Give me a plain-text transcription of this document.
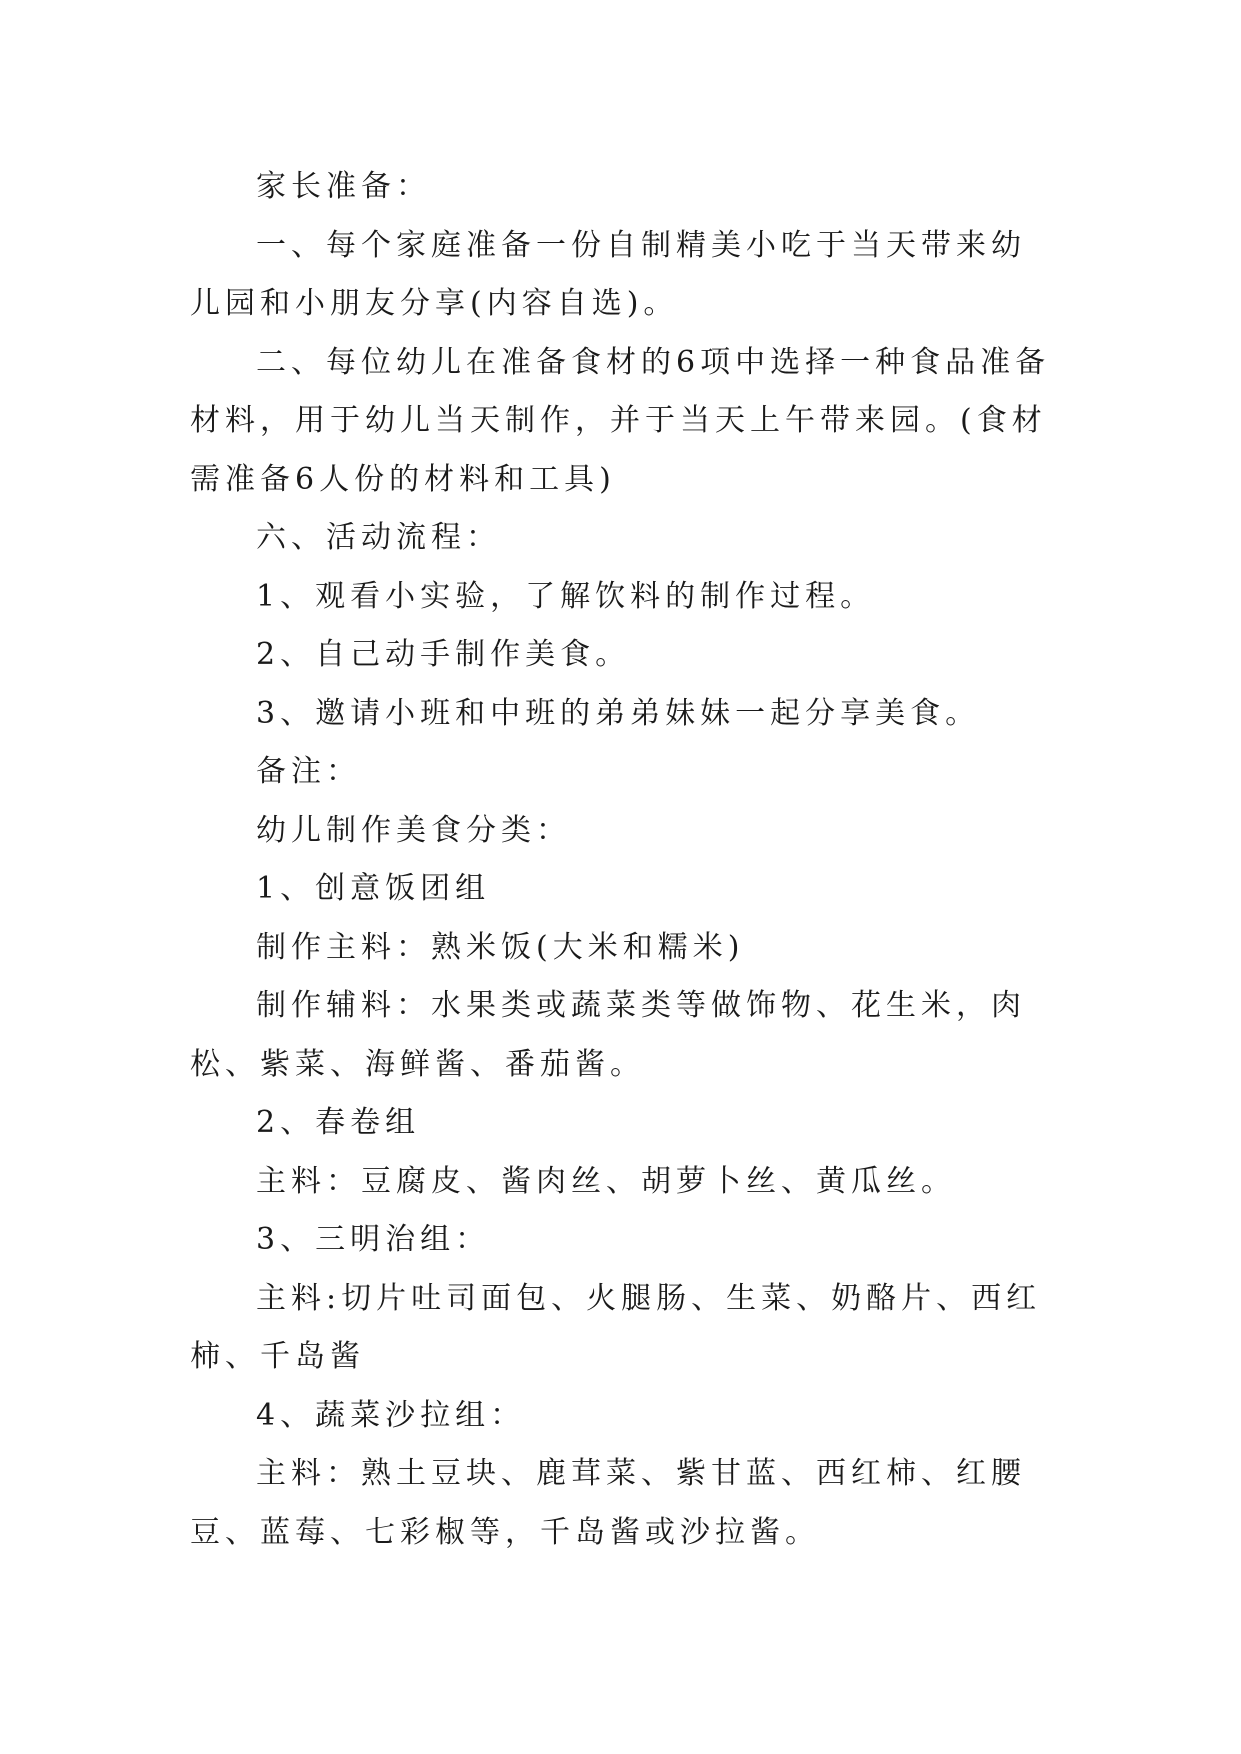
家长准备：

一、每个家庭准备一份自制精美小吃于当天带来幼儿园和小朋友分享(内容自选)。

二、每位幼儿在准备食材的6项中选择一种食品准备材料，用于幼儿当天制作，并于当天上午带来园。(食材需准备6人份的材料和工具)

六、活动流程：

1、观看小实验，了解饮料的制作过程。

2、自己动手制作美食。

3、邀请小班和中班的弟弟妹妹一起分享美食。

备注：

幼儿制作美食分类：

1、创意饭团组

制作主料：熟米饭(大米和糯米)

制作辅料：水果类或蔬菜类等做饰物、花生米，肉松、紫菜、海鲜酱、番茄酱。

2、春卷组

主料：豆腐皮、酱肉丝、胡萝卜丝、黄瓜丝。

3、三明治组：

主料:切片吐司面包、火腿肠、生菜、奶酪片、西红柿、千岛酱

4、蔬菜沙拉组：

主料：熟土豆块、鹿茸菜、紫甘蓝、西红柿、红腰豆、蓝莓、七彩椒等，千岛酱或沙拉酱。
